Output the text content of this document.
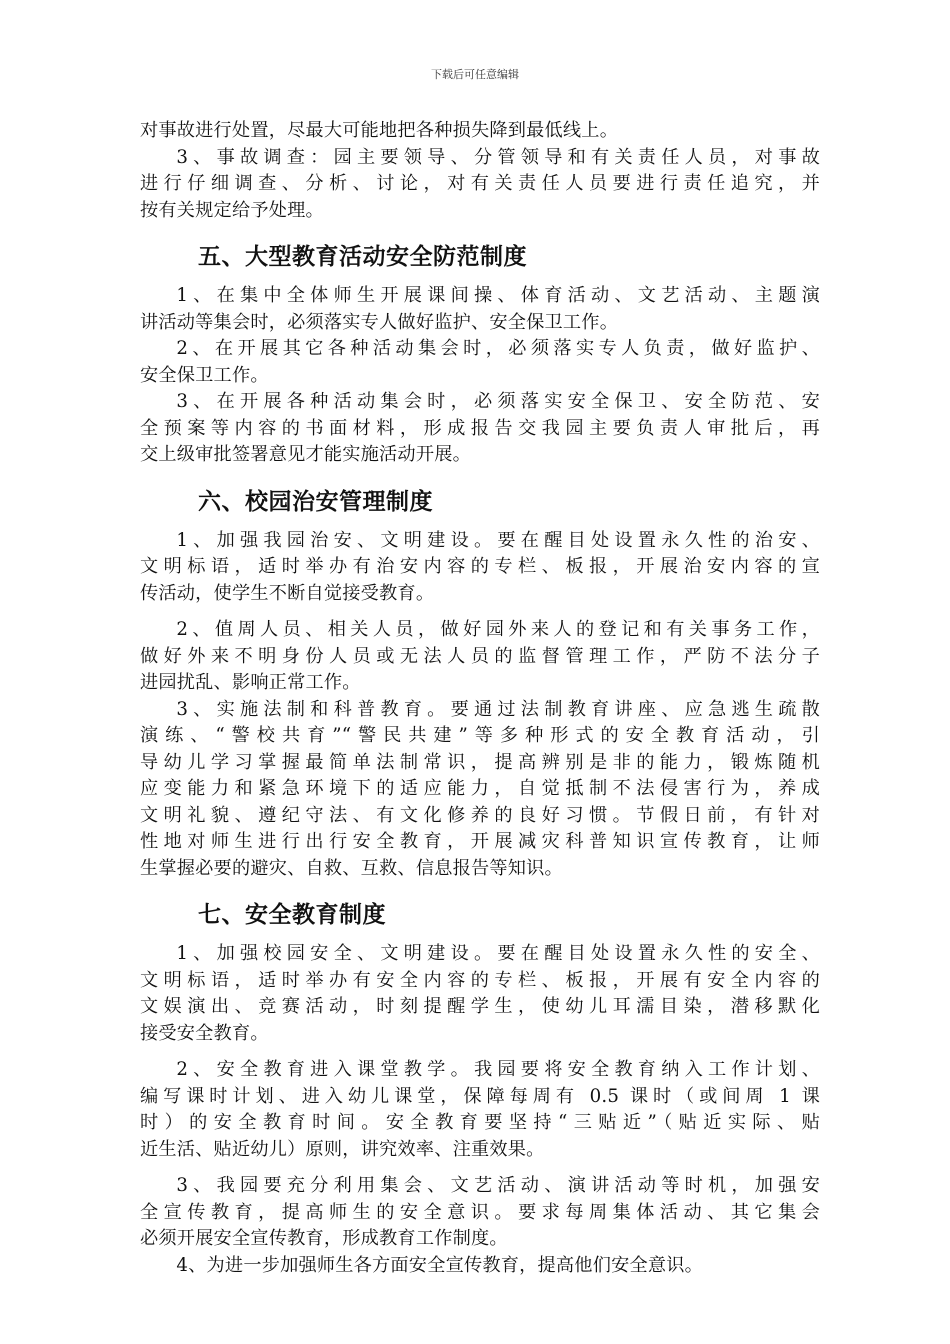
下载后可任意编辑

对事故进行处置，尽最大可能地把各种损失降到最低线上。

3、事故调查：园主要领导、分管领导和有关责任人员，对事故

进行仔细调查、分析、讨论，对有关责任人员要进行责任追究，并

按有关规定给予处理。

五、大型教育活动安全防范制度

1、在集中全体师生开展课间操、体育活动、文艺活动、主题演

讲活动等集会时，必须落实专人做好监护、安全保卫工作。

2、在开展其它各种活动集会时，必须落实专人负责，做好监护、

安全保卫工作。

3、在开展各种活动集会时，必须落实安全保卫、安全防范、安

全预案等内容的书面材料，形成报告交我园主要负责人审批后，再

交上级审批签署意见才能实施活动开展。

六、校园治安管理制度

1、加强我园治安、文明建设。要在醒目处设置永久性的治安、

文明标语，适时举办有治安内容的专栏、板报，开展治安内容的宣

传活动，使学生不断自觉接受教育。

2、值周人员、相关人员，做好园外来人的登记和有关事务工作，

做好外来不明身份人员或无法人员的监督管理工作，严防不法分子

进园扰乱、影响正常工作。

3、实施法制和科普教育。要通过法制教育讲座、应急逃生疏散

演练、“警校共育”“警民共建”等多种形式的安全教育活动，引

导幼儿学习掌握最简单法制常识，提高辨别是非的能力，锻炼随机

应变能力和紧急环境下的适应能力，自觉抵制不法侵害行为，养成

文明礼貌、遵纪守法、有文化修养的良好习惯。节假日前，有针对

性地对师生进行出行安全教育，开展减灾科普知识宣传教育，让师

生掌握必要的避灾、自救、互救、信息报告等知识。

七、安全教育制度

1、加强校园安全、文明建设。要在醒目处设置永久性的安全、

文明标语，适时举办有安全内容的专栏、板报，开展有安全内容的

文娱演出、竞赛活动，时刻提醒学生，使幼儿耳濡目染，潜移默化

接受安全教育。

2、安全教育进入课堂教学。我园要将安全教育纳入工作计划、

编写课时计划、进入幼儿课堂，保障每周有 0.5 课时（或间周 1 课

时）的安全教育时间。安全教育要坚持“三贴近”（贴近实际、贴

近生活、贴近幼儿）原则，讲究效率、注重效果。

3、我园要充分利用集会、文艺活动、演讲活动等时机，加强安

全宣传教育，提高师生的安全意识。要求每周集体活动、其它集会

必须开展安全宣传教育，形成教育工作制度。

4、为进一步加强师生各方面安全宣传教育，提高他们安全意识。
